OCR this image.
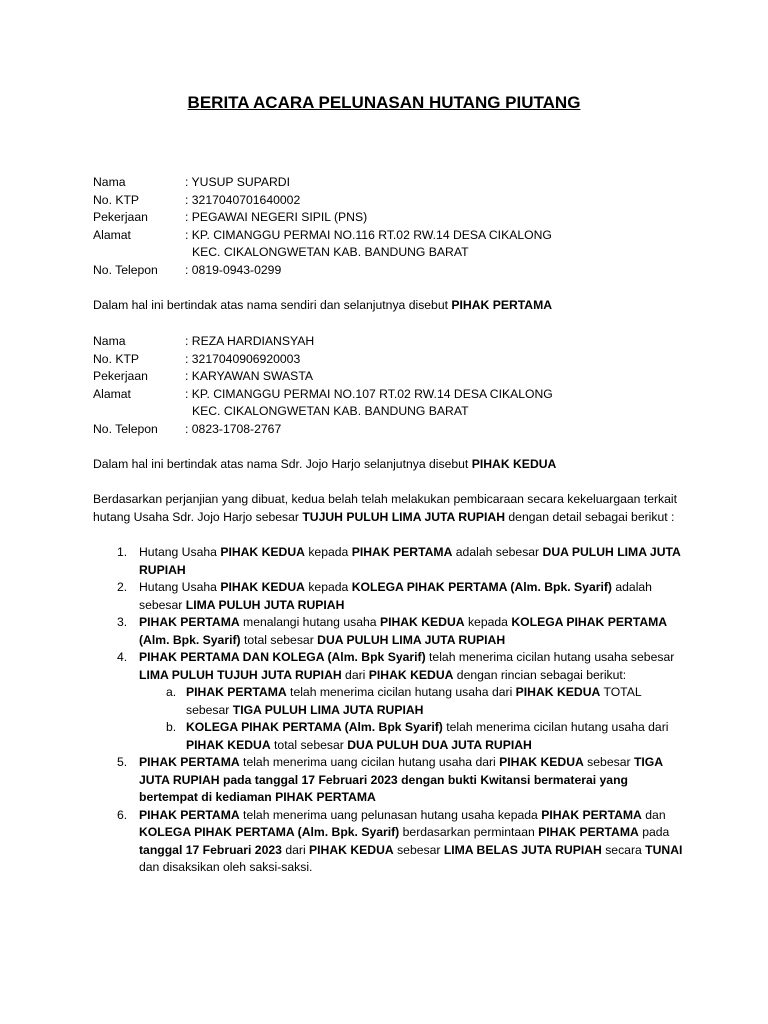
BERITA ACARA PELUNASAN HUTANG PIUTANG
Nama	: YUSUP SUPARDI
No. KTP	: 3217040701640002
Pekerjaan	: PEGAWAI NEGERI SIPIL (PNS)
Alamat	: KP. CIMANGGU PERMAI NO.116 RT.02 RW.14 DESA CIKALONG
KEC. CIKALONGWETAN KAB. BANDUNG BARAT
No. Telepon	: 0819-0943-0299

Dalam hal ini bertindak atas nama sendiri dan selanjutnya disebut PIHAK PERTAMA

Nama	: REZA HARDIANSYAH
No. KTP	: 3217040906920003
Pekerjaan	: KARYAWAN SWASTA
Alamat	: KP. CIMANGGU PERMAI NO.107 RT.02 RW.14 DESA CIKALONG
KEC. CIKALONGWETAN KAB. BANDUNG BARAT
No. Telepon	: 0823-1708-2767

Dalam hal ini bertindak atas nama Sdr. Jojo Harjo selanjutnya disebut PIHAK KEDUA

Berdasarkan perjanjian yang dibuat, kedua belah telah melakukan pembicaraan secara kekeluargaan terkait hutang Usaha Sdr. Jojo Harjo sebesar TUJUH PULUH LIMA JUTA RUPIAH dengan detail sebagai berikut :

1. Hutang Usaha PIHAK KEDUA kepada PIHAK PERTAMA adalah sebesar DUA PULUH LIMA JUTA RUPIAH
2. Hutang Usaha PIHAK KEDUA kepada KOLEGA PIHAK PERTAMA (Alm. Bpk. Syarif) adalah sebesar LIMA PULUH JUTA RUPIAH
3. PIHAK PERTAMA menalangi hutang usaha PIHAK KEDUA kepada KOLEGA PIHAK PERTAMA (Alm. Bpk. Syarif) total sebesar DUA PULUH LIMA JUTA RUPIAH
4. PIHAK PERTAMA DAN KOLEGA (Alm. Bpk Syarif) telah menerima cicilan hutang usaha sebesar LIMA PULUH TUJUH JUTA RUPIAH dari PIHAK KEDUA dengan rincian sebagai berikut:
a. PIHAK PERTAMA telah menerima cicilan hutang usaha dari PIHAK KEDUA TOTAL sebesar TIGA PULUH LIMA JUTA RUPIAH
b. KOLEGA PIHAK PERTAMA (Alm. Bpk Syarif) telah menerima cicilan hutang usaha dari PIHAK KEDUA total sebesar DUA PULUH DUA JUTA RUPIAH
5. PIHAK PERTAMA telah menerima uang cicilan hutang usaha dari PIHAK KEDUA sebesar TIGA JUTA RUPIAH pada tanggal 17 Februari 2023 dengan bukti Kwitansi bermaterai yang bertempat di kediaman PIHAK PERTAMA
6. PIHAK PERTAMA telah menerima uang pelunasan hutang usaha kepada PIHAK PERTAMA dan KOLEGA PIHAK PERTAMA (Alm. Bpk. Syarif) berdasarkan permintaan PIHAK PERTAMA pada tanggal 17 Februari 2023 dari PIHAK KEDUA sebesar LIMA BELAS JUTA RUPIAH secara TUNAI dan disaksikan oleh saksi-saksi.
